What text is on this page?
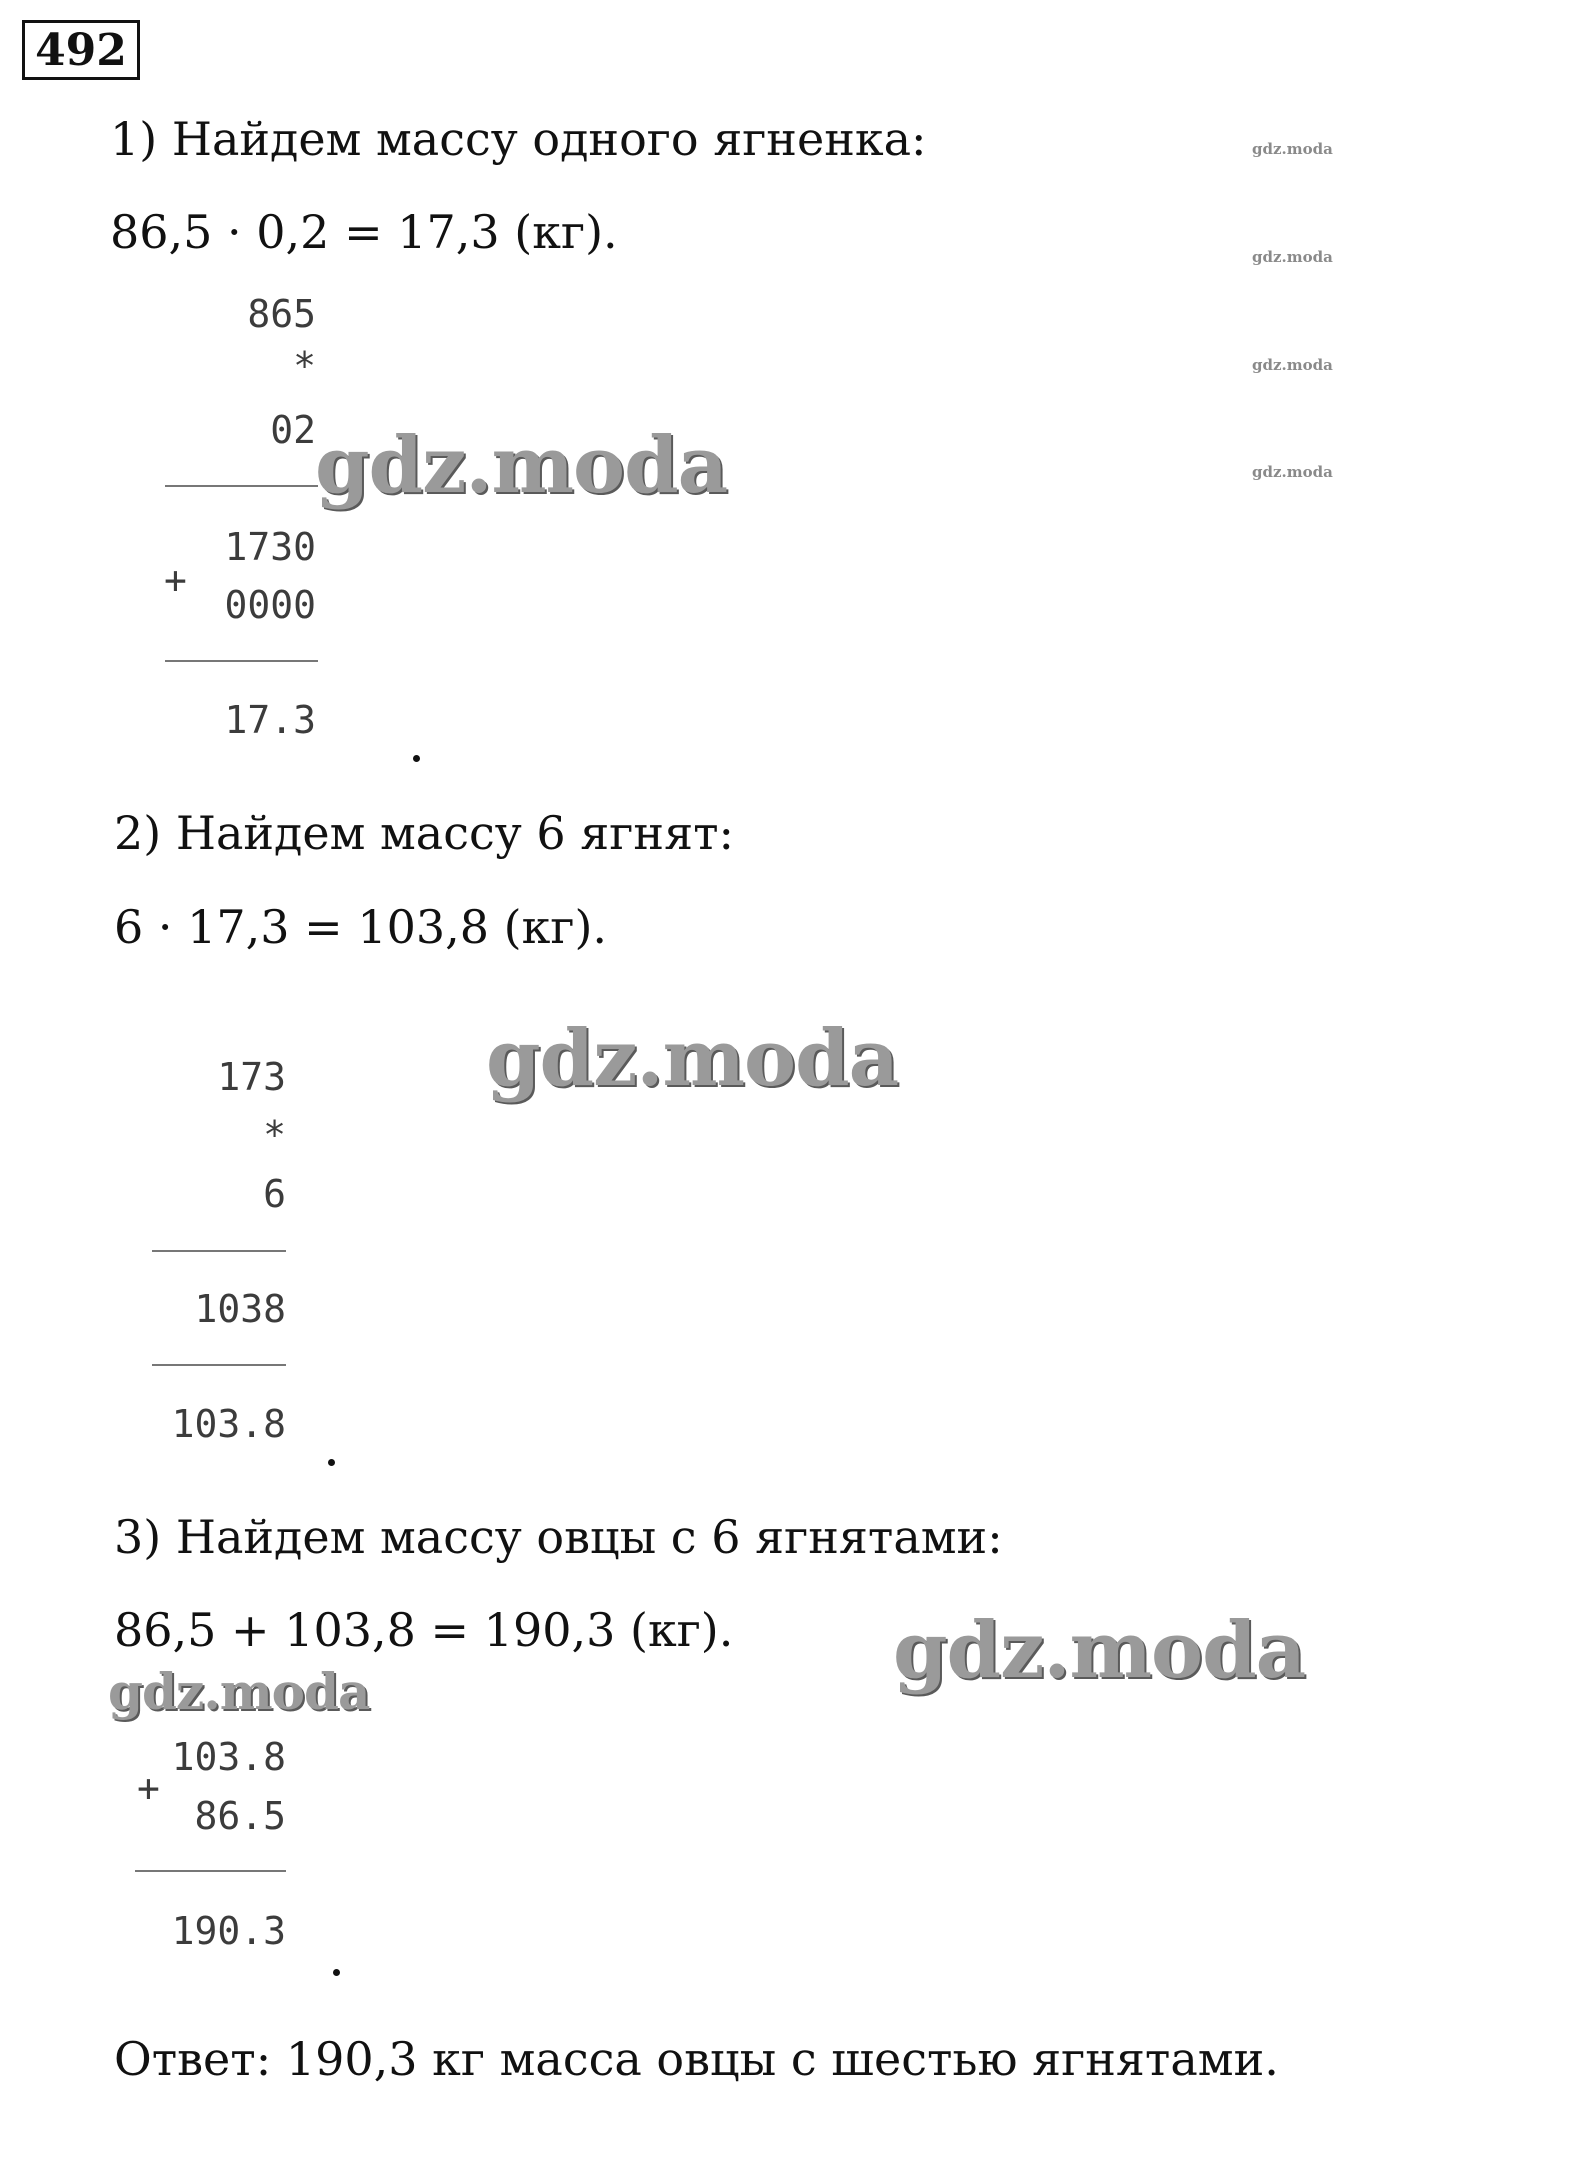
492
1) Найдем массу одного ягненка:
86,5 · 0,2 = 17,3 (кг).
865
*
02
1730
+
0000
17.3
2) Найдем массу 6 ягнят:
6 · 17,3 = 103,8 (кг).
173
*
6
1038
103.8
3) Найдем массу овцы с 6 ягнятами:
86,5 + 103,8 = 190,3 (кг).
103.8
+
86.5
190.3
Ответ: 190,3 кг масса овцы с шестью ягнятами.
gdz.moda
gdz.moda
gdz.moda
gdz.moda
gdz.moda
gdz.moda
gdz.moda
gdz.moda
